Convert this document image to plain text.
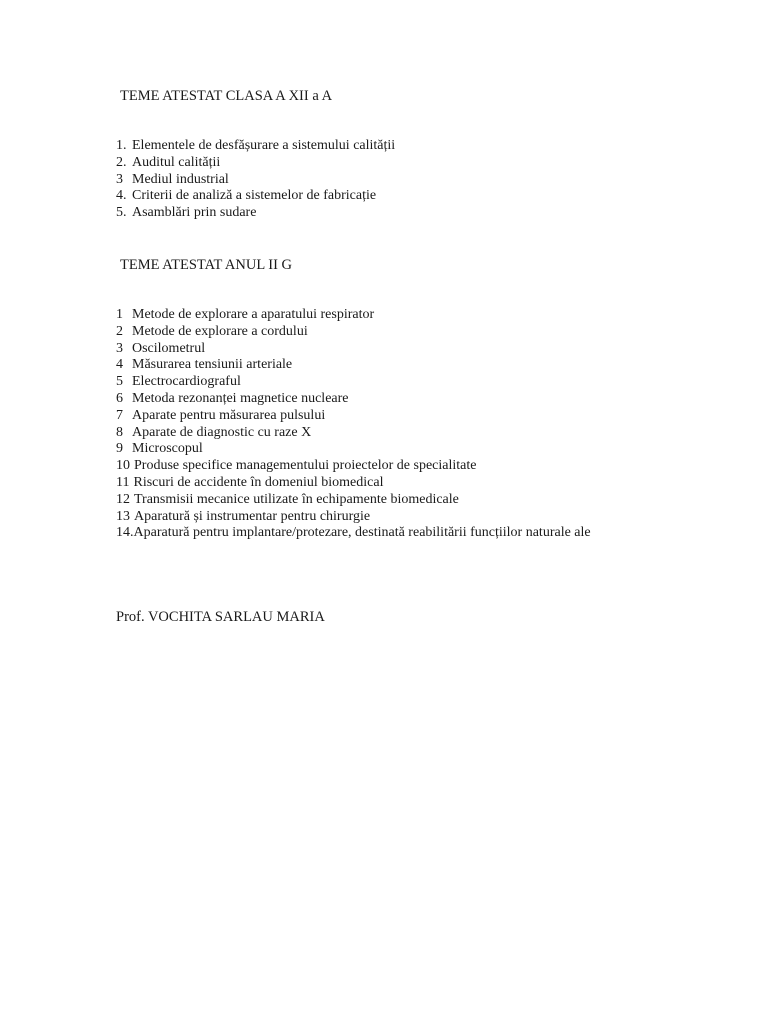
TEME ATESTAT CLASA A XII a A
1. Elementele de desfășurare a sistemului calității
2. Auditul calității
3 Mediul industrial
4. Criterii de analiză a sistemelor de fabricație
5. Asamblări prin sudare
TEME ATESTAT ANUL II G
1 Metode de explorare a aparatului respirator
2 Metode de explorare a cordului
3 Oscilometrul
4 Măsurarea tensiunii arteriale
5 Electrocardiograful
6 Metoda rezonanței magnetice nucleare
7 Aparate pentru măsurarea pulsului
8 Aparate de diagnostic cu raze X
9 Microscopul
10 Produse specifice managementului proiectelor de specialitate
11 Riscuri de accidente în domeniul biomedical
12 Transmisii mecanice utilizate în echipamente biomedicale
13 Aparatură și instrumentar pentru chirurgie
14. Aparatură pentru implantare/protezare, destinată reabilitării funcțiilor naturale ale
Prof. VOCHITA SARLAU MARIA
